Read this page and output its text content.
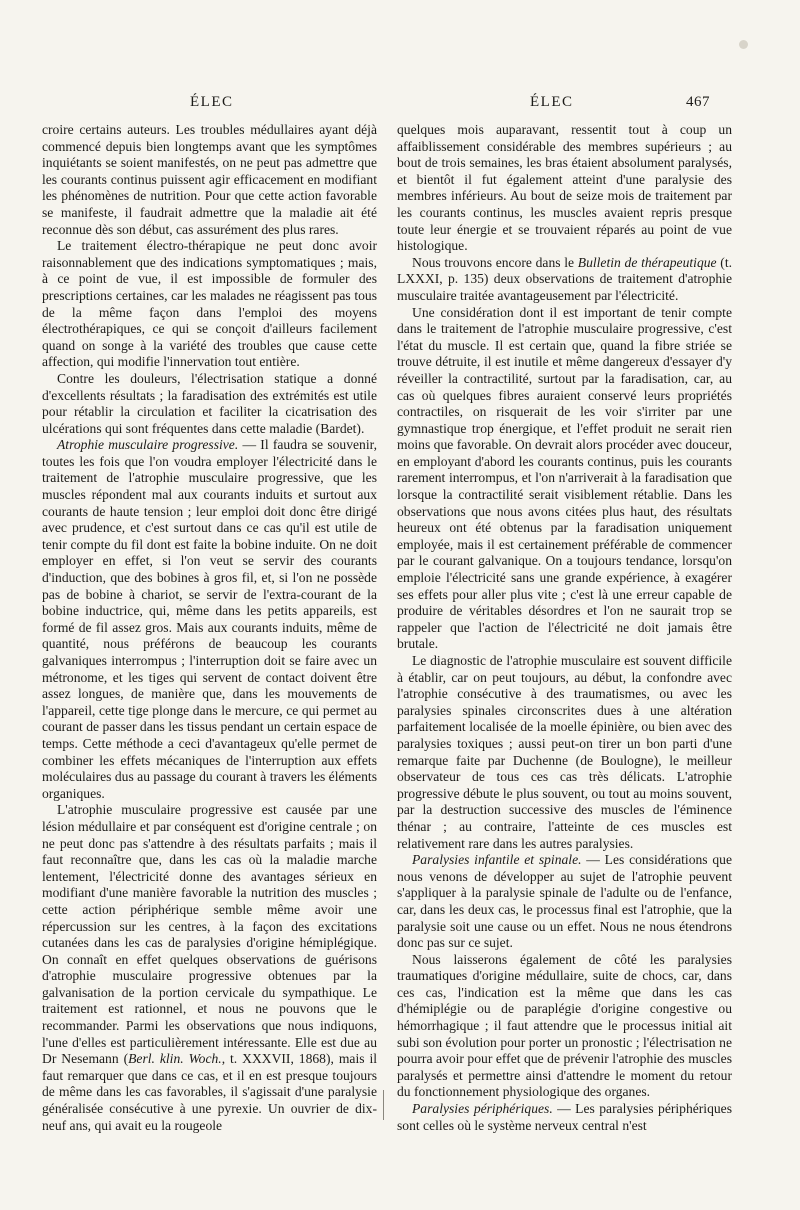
ÉLEC	ÉLEC	467

croire certains auteurs. Les troubles médullaires ayant déjà commencé depuis bien longtemps avant que les symptômes inquiétants se soient manifestés, on ne peut pas admettre que les courants continus puissent agir efficacement en modifiant les phénomènes de nutrition. Pour que cette action favorable se manifeste, il faudrait admettre que la maladie ait été reconnue dès son début, cas assurément des plus rares.

Le traitement électro-thérapique ne peut donc avoir raisonnablement que des indications symptomatiques ; mais, à ce point de vue, il est impossible de formuler des prescriptions certaines, car les malades ne réagissent pas tous de la même façon dans l'emploi des moyens électrothérapiques, ce qui se conçoit d'ailleurs facilement quand on songe à la variété des troubles que cause cette affection, qui modifie l'innervation tout entière.

Contre les douleurs, l'électrisation statique a donné d'excellents résultats ; la faradisation des extrémités est utile pour rétablir la circulation et faciliter la cicatrisation des ulcérations qui sont fréquentes dans cette maladie (Bardet).

Atrophie musculaire progressive. — Il faudra se souvenir, toutes les fois que l'on voudra employer l'électricité dans le traitement de l'atrophie musculaire progressive, que les muscles répondent mal aux courants induits et surtout aux courants de haute tension ; leur emploi doit donc être dirigé avec prudence, et c'est surtout dans ce cas qu'il est utile de tenir compte du fil dont est faite la bobine induite. On ne doit employer en effet, si l'on veut se servir des courants d'induction, que des bobines à gros fil, et, si l'on ne possède pas de bobine à chariot, se servir de l'extra-courant de la bobine inductrice, qui, même dans les petits appareils, est formé de fil assez gros. Mais aux courants induits, même de quantité, nous préférons de beaucoup les courants galvaniques interrompus ; l'interruption doit se faire avec un métronome, et les tiges qui servent de contact doivent être assez longues, de manière que, dans les mouvements de l'appareil, cette tige plonge dans le mercure, ce qui permet au courant de passer dans les tissus pendant un certain espace de temps. Cette méthode a ceci d'avantageux qu'elle permet de combiner les effets mécaniques de l'interruption aux effets moléculaires dus au passage du courant à travers les éléments organiques.

L'atrophie musculaire progressive est causée par une lésion médullaire et par conséquent est d'origine centrale ; on ne peut donc pas s'attendre à des résultats parfaits ; mais il faut reconnaître que, dans les cas où la maladie marche lentement, l'électricité donne des avantages sérieux en modifiant d'une manière favorable la nutrition des muscles ; cette action périphérique semble même avoir une répercussion sur les centres, à la façon des excitations cutanées dans les cas de paralysies d'origine hémiplégique. On connaît en effet quelques observations de guérisons d'atrophie musculaire progressive obtenues par la galvanisation de la portion cervicale du sympathique. Le traitement est rationnel, et nous ne pouvons que le recommander. Parmi les observations que nous indiquons, l'une d'elles est particulièrement intéressante. Elle est due au Dr Nesemann (Berl. klin. Woch., t. XXXVII, 1868), mais il faut remarquer que dans ce cas, et il en est presque toujours de même dans les cas favorables, il s'agissait d'une paralysie généralisée consécutive à une pyrexie. Un ouvrier de dix-neuf ans, qui avait eu la rougeole

quelques mois auparavant, ressentit tout à coup un affaiblissement considérable des membres supérieurs ; au bout de trois semaines, les bras étaient absolument paralysés, et bientôt il fut également atteint d'une paralysie des membres inférieurs. Au bout de seize mois de traitement par les courants continus, les muscles avaient repris presque toute leur énergie et se trouvaient réparés au point de vue histologique.

Nous trouvons encore dans le Bulletin de thérapeutique (t. LXXXI, p. 135) deux observations de traitement d'atrophie musculaire traitée avantageusement par l'électricité.

Une considération dont il est important de tenir compte dans le traitement de l'atrophie musculaire progressive, c'est l'état du muscle. Il est certain que, quand la fibre striée se trouve détruite, il est inutile et même dangereux d'essayer d'y réveiller la contractilité, surtout par la faradisation, car, au cas où quelques fibres auraient conservé leurs propriétés contractiles, on risquerait de les voir s'irriter par une gymnastique trop énergique, et l'effet produit ne serait rien moins que favorable. On devrait alors procéder avec douceur, en employant d'abord les courants continus, puis les courants rarement interrompus, et l'on n'arriverait à la faradisation que lorsque la contractilité serait visiblement rétablie. Dans les observations que nous avons citées plus haut, des résultats heureux ont été obtenus par la faradisation uniquement employée, mais il est certainement préférable de commencer par le courant galvanique. On a toujours tendance, lorsqu'on emploie l'électricité sans une grande expérience, à exagérer ses effets pour aller plus vite ; c'est là une erreur capable de produire de véritables désordres et l'on ne saurait trop se rappeler que l'action de l'électricité ne doit jamais être brutale.

Le diagnostic de l'atrophie musculaire est souvent difficile à établir, car on peut toujours, au début, la confondre avec l'atrophie consécutive à des traumatismes, ou avec les paralysies spinales circonscrites dues à une altération parfaitement localisée de la moelle épinière, ou bien avec des paralysies toxiques ; aussi peut-on tirer un bon parti d'une remarque faite par Duchenne (de Boulogne), le meilleur observateur de tous ces cas très délicats. L'atrophie progressive débute le plus souvent, ou tout au moins souvent, par la destruction successive des muscles de l'éminence thénar ; au contraire, l'atteinte de ces muscles est relativement rare dans les autres paralysies.

Paralysies infantile et spinale. — Les considérations que nous venons de développer au sujet de l'atrophie peuvent s'appliquer à la paralysie spinale de l'adulte ou de l'enfance, car, dans les deux cas, le processus final est l'atrophie, que la paralysie soit une cause ou un effet. Nous ne nous étendrons donc pas sur ce sujet.

Nous laisserons également de côté les paralysies traumatiques d'origine médullaire, suite de chocs, car, dans ces cas, l'indication est la même que dans les cas d'hémiplégie ou de paraplégie d'origine congestive ou hémorrhagique ; il faut attendre que le processus initial ait subi son évolution pour porter un pronostic ; l'électrisation ne pourra avoir pour effet que de prévenir l'atrophie des muscles paralysés et permettre ainsi d'attendre le moment du retour du fonctionnement physiologique des organes.

Paralysies périphériques. — Les paralysies périphériques sont celles où le système nerveux central n'est
